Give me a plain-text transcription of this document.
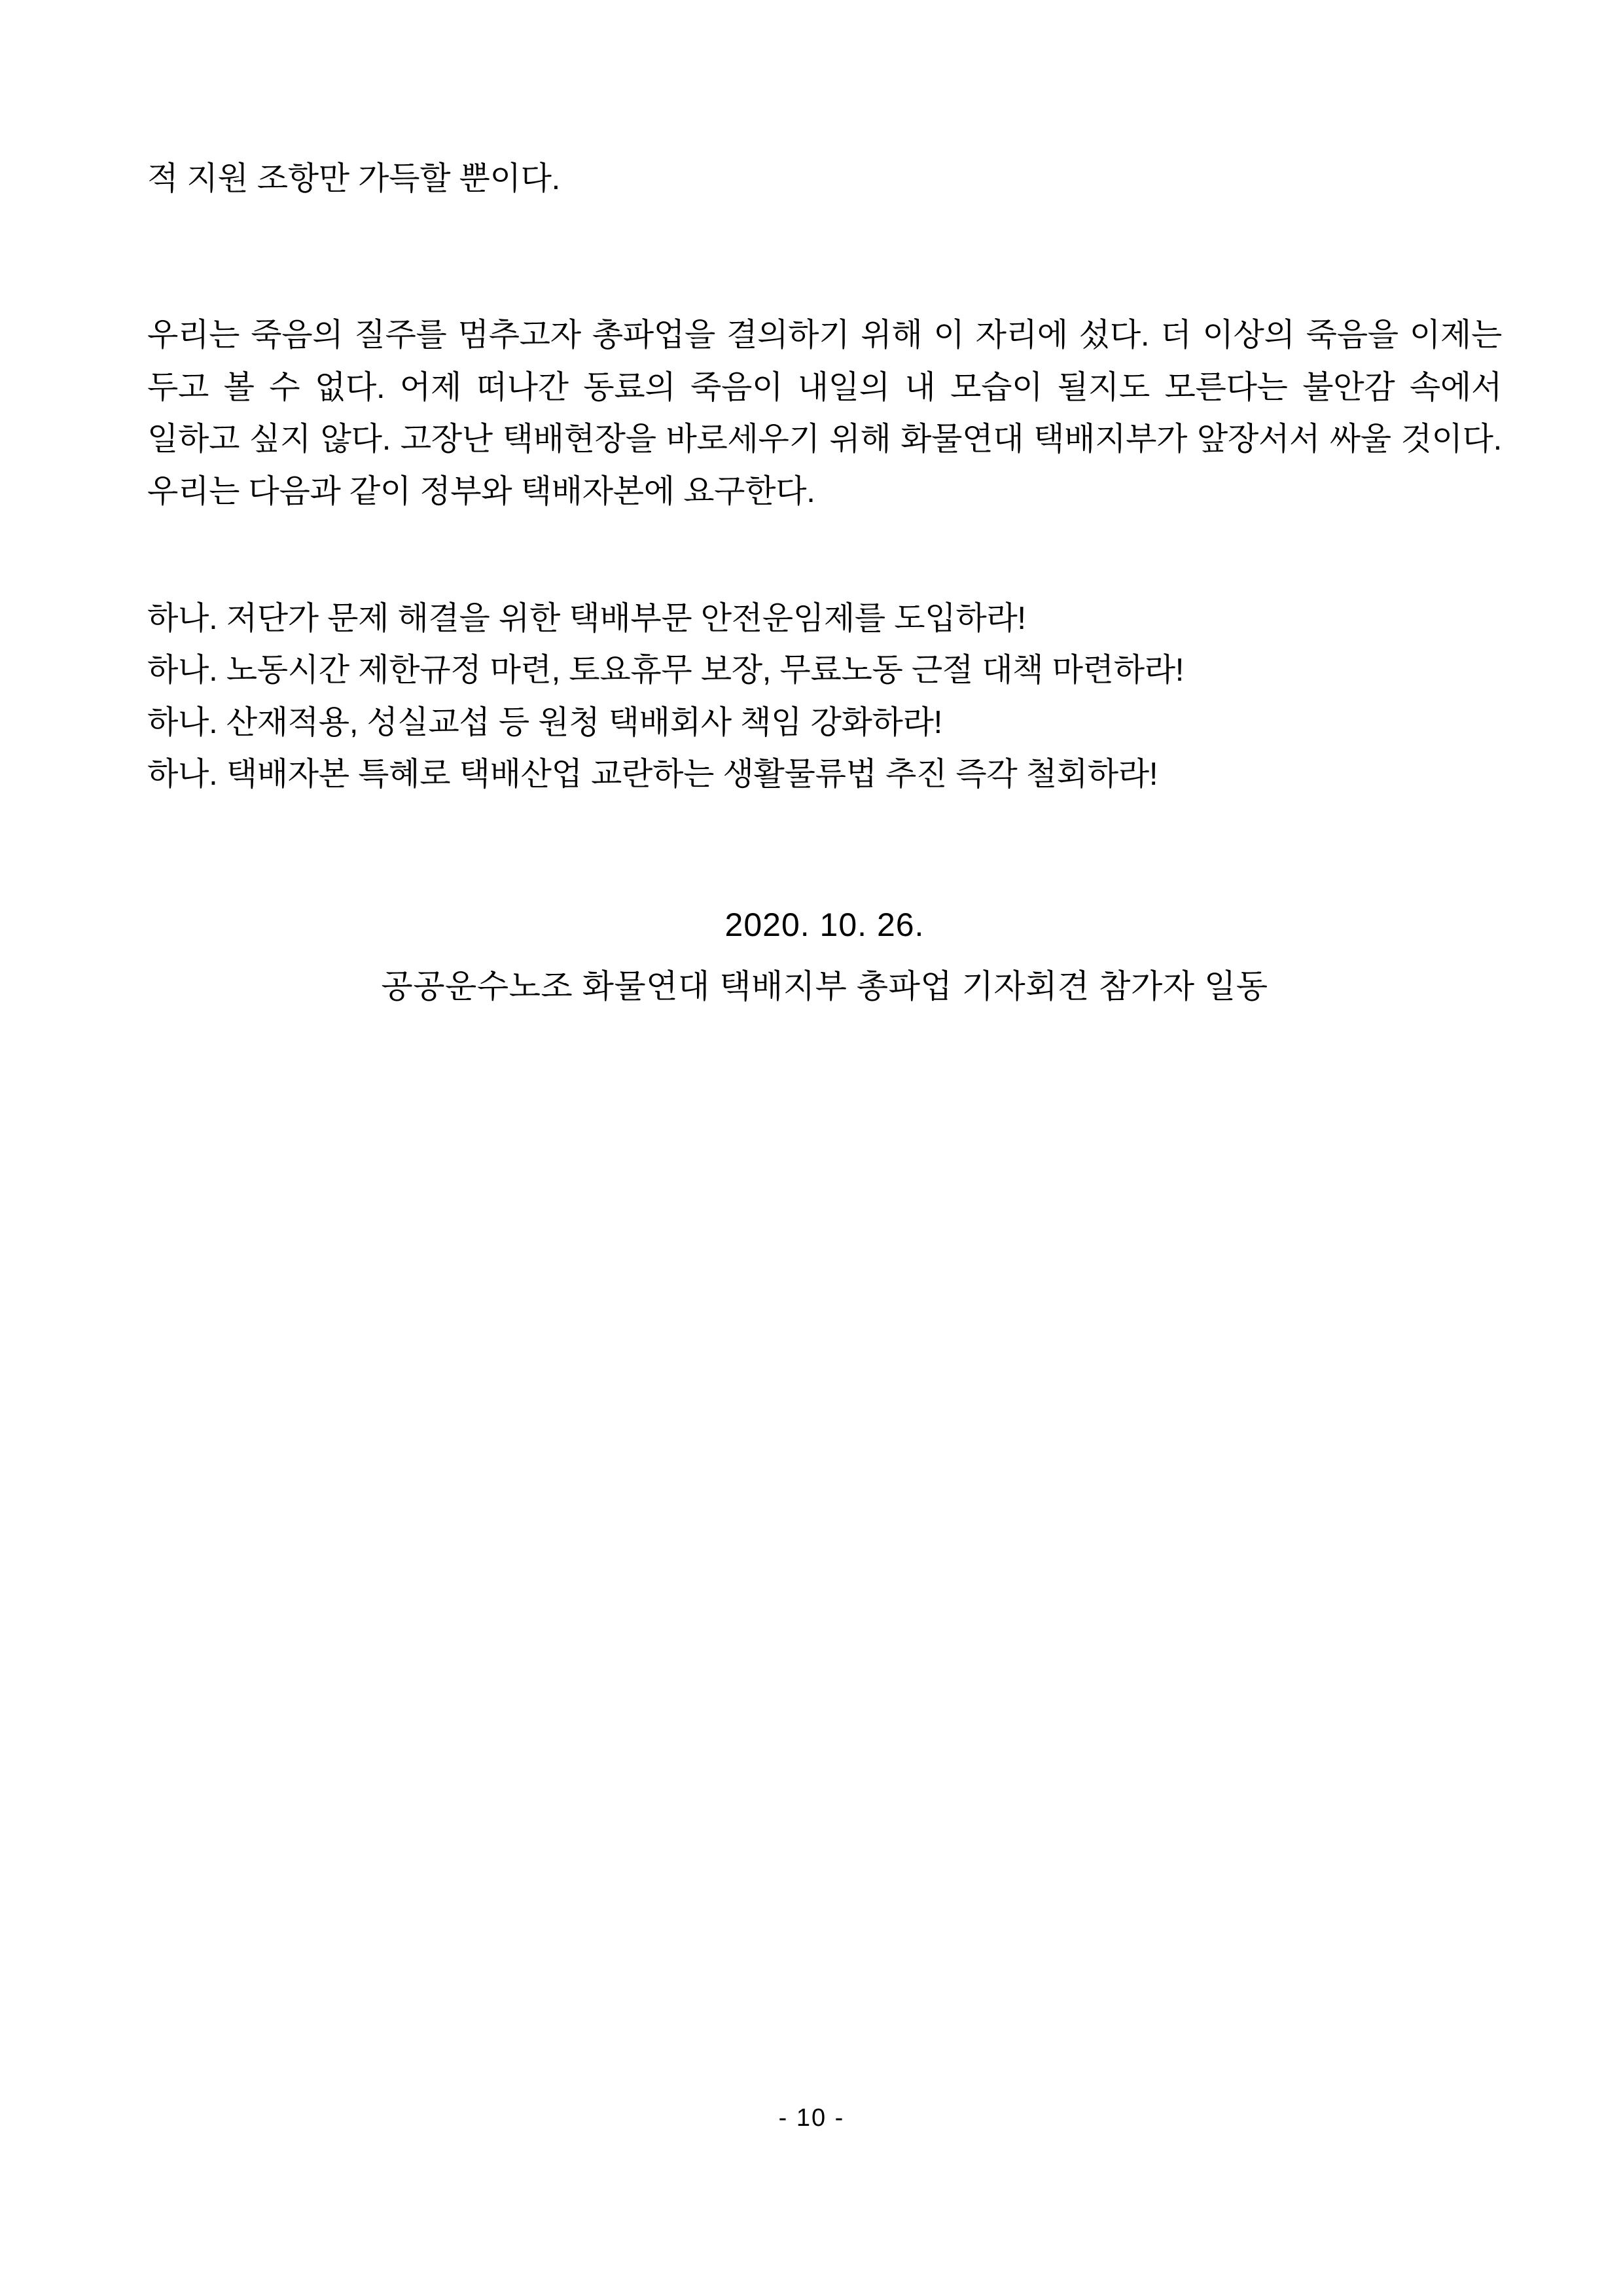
적 지원 조항만 가득할 뿐이다.

우리는 죽음의 질주를 멈추고자 총파업을 결의하기 위해 이 자리에 섰다. 더 이상의 죽음을 이제는 두고 볼 수 없다. 어제 떠나간 동료의 죽음이 내일의 내 모습이 될지도 모른다는 불안감 속에서 일하고 싶지 않다. 고장난 택배현장을 바로세우기 위해 화물연대 택배지부가 앞장서서 싸울 것이다. 우리는 다음과 같이 정부와 택배자본에 요구한다.

하나. 저단가 문제 해결을 위한 택배부문 안전운임제를 도입하라!
하나. 노동시간 제한규정 마련, 토요휴무 보장, 무료노동 근절 대책 마련하라!
하나. 산재적용, 성실교섭 등 원청 택배회사 책임 강화하라!
하나. 택배자본 특혜로 택배산업 교란하는 생활물류법 추진 즉각 철회하라!
2020. 10. 26.
공공운수노조 화물연대 택배지부 총파업 기자회견 참가자 일동
- 10 -
